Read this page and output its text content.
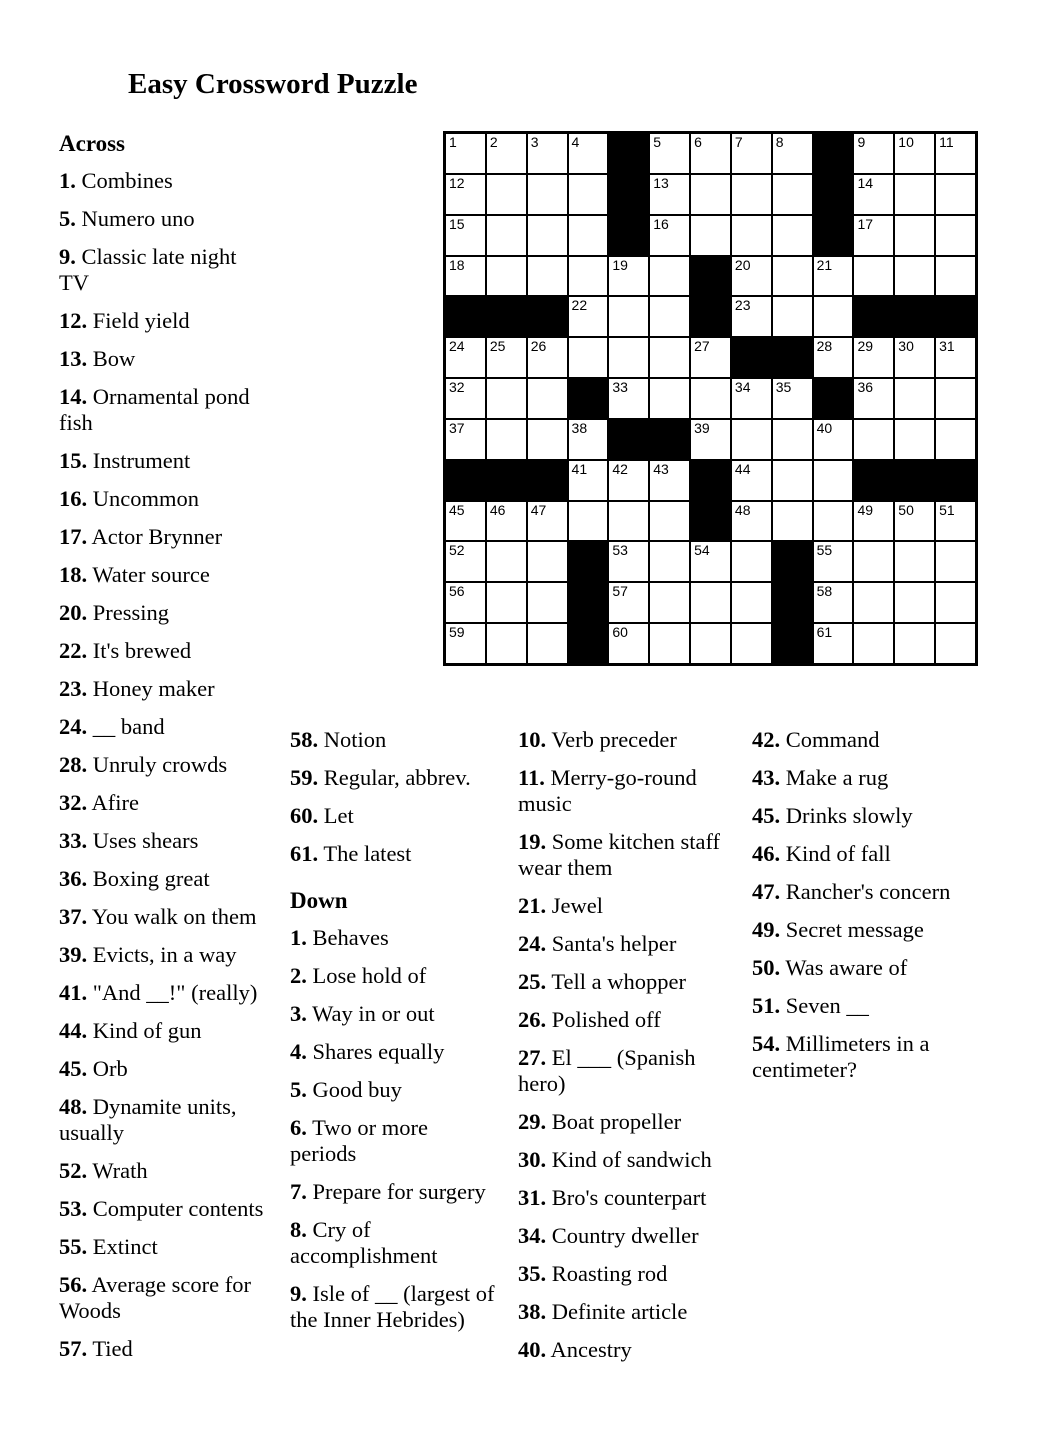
Easy Crossword Puzzle
1 2 3 4	5 6 7 8	9 10 11
12	13	14
15	16	17
18	19	20	21
22	23
24 25 26	27	28 29 30 31
32	33	34 35	36
37	38	39	40
41 42 43	44
45 46 47	48	49 50 51
52	53	54	55
56	57	58
59	60	61
Across

1. Combines

5. Numero uno

9. Classic late night TV

12. Field yield

13. Bow

14. Ornamental pond fish

15. Instrument

16. Uncommon

17. Actor Brynner

18. Water source

20. Pressing

22. It's brewed

23. Honey maker

24. __ band

28. Unruly crowds

32. Afire

33. Uses shears

36. Boxing great

37. You walk on them

39. Evicts, in a way

41. "And __!" (really)

44. Kind of gun

45. Orb

48. Dynamite units, usually

52. Wrath

53. Computer contents

55. Extinct

56. Average score for Woods

57. Tied

58. Notion

59. Regular, abbrev.

60. Let

61. The latest

Down

1. Behaves

2. Lose hold of

3. Way in or out

4. Shares equally

5. Good buy

6. Two or more periods

7. Prepare for surgery

8. Cry of accomplishment

9. Isle of __ (largest of the Inner Hebrides)

10. Verb preceder

11. Merry-go-round music

19. Some kitchen staff wear them

21. Jewel

24. Santa's helper

25. Tell a whopper

26. Polished off

27. El ___ (Spanish hero)

29. Boat propeller

30. Kind of sandwich

31. Bro's counterpart

34. Country dweller

35. Roasting rod

38. Definite article

40. Ancestry

42. Command

43. Make a rug

45. Drinks slowly

46. Kind of fall

47. Rancher's concern

49. Secret message

50. Was aware of

51. Seven __

54. Millimeters in a centimeter?
